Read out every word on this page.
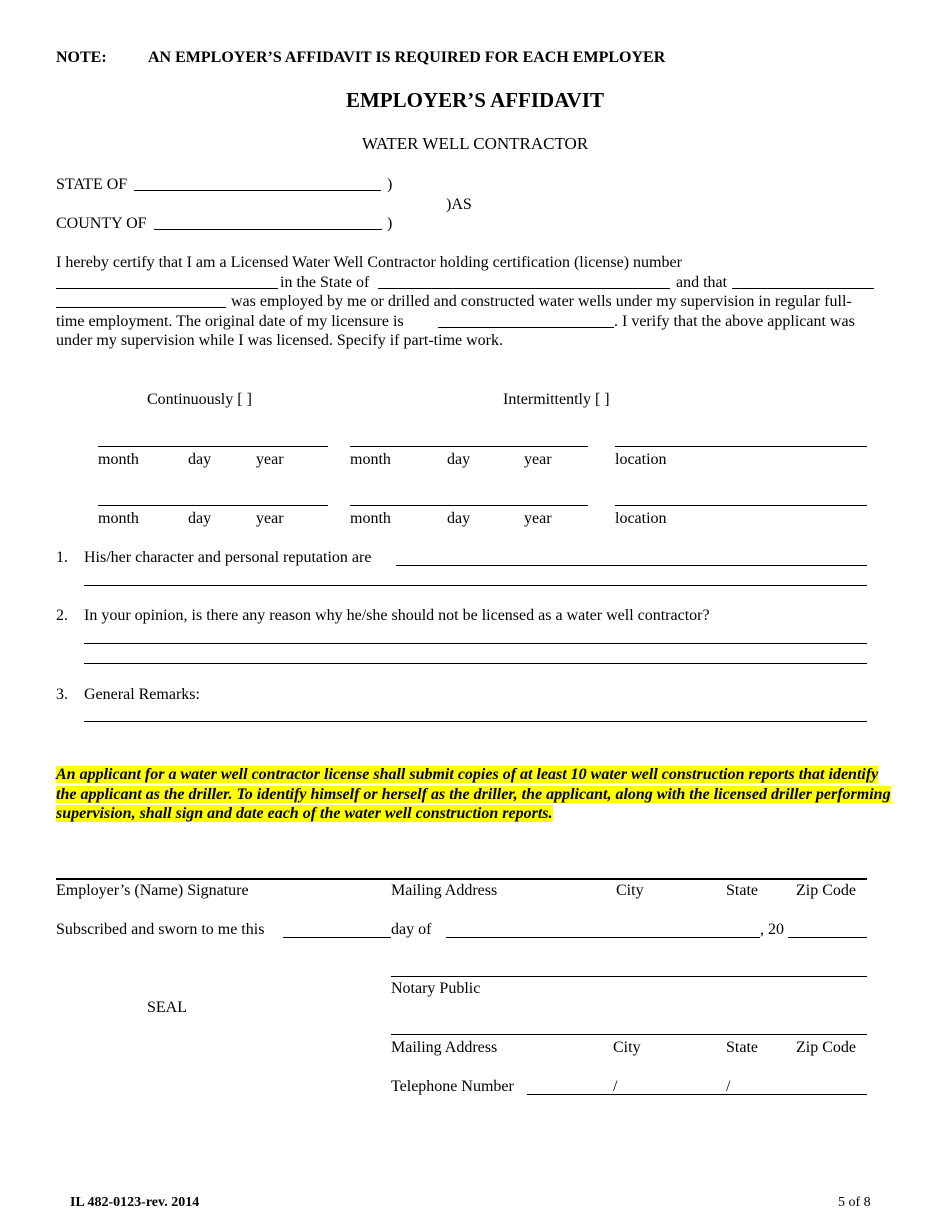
NOTE:	AN EMPLOYER’S AFFIDAVIT IS REQUIRED FOR EACH EMPLOYER
EMPLOYER’S AFFIDAVIT
WATER WELL CONTRACTOR
STATE OF	)
)AS
COUNTY OF	)
I hereby certify that I am a Licensed Water Well Contractor holding certification (license) number
in the State of	and that
was employed by me or drilled and constructed water wells under my supervision in regular full-
time employment. The original date of my licensure is	. I verify that the above applicant was
under my supervision while I was licensed. Specify if part-time work.
Continuously [ ]	Intermittently [ ]
month	day	year	month	day	year	location
month	day	year	month	day	year	location
1. His/her character and personal reputation are
2. In your opinion, is there any reason why he/she should not be licensed as a water well contractor?
3. General Remarks:

An applicant for a water well contractor license shall submit copies of at least 10 water well construction reports that identify the applicant as the driller. To identify himself or herself as the driller, the applicant, along with the licensed driller performing supervision, shall sign and date each of the water well construction reports.

Employer’s (Name) Signature	Mailing Address	City	State Zip Code
Subscribed and sworn to me this	day of	, 20
Notary Public
SEAL
Mailing Address	City	State Zip Code
Telephone Number	/	/
IL 482-0123-rev. 2014	5 of 8
